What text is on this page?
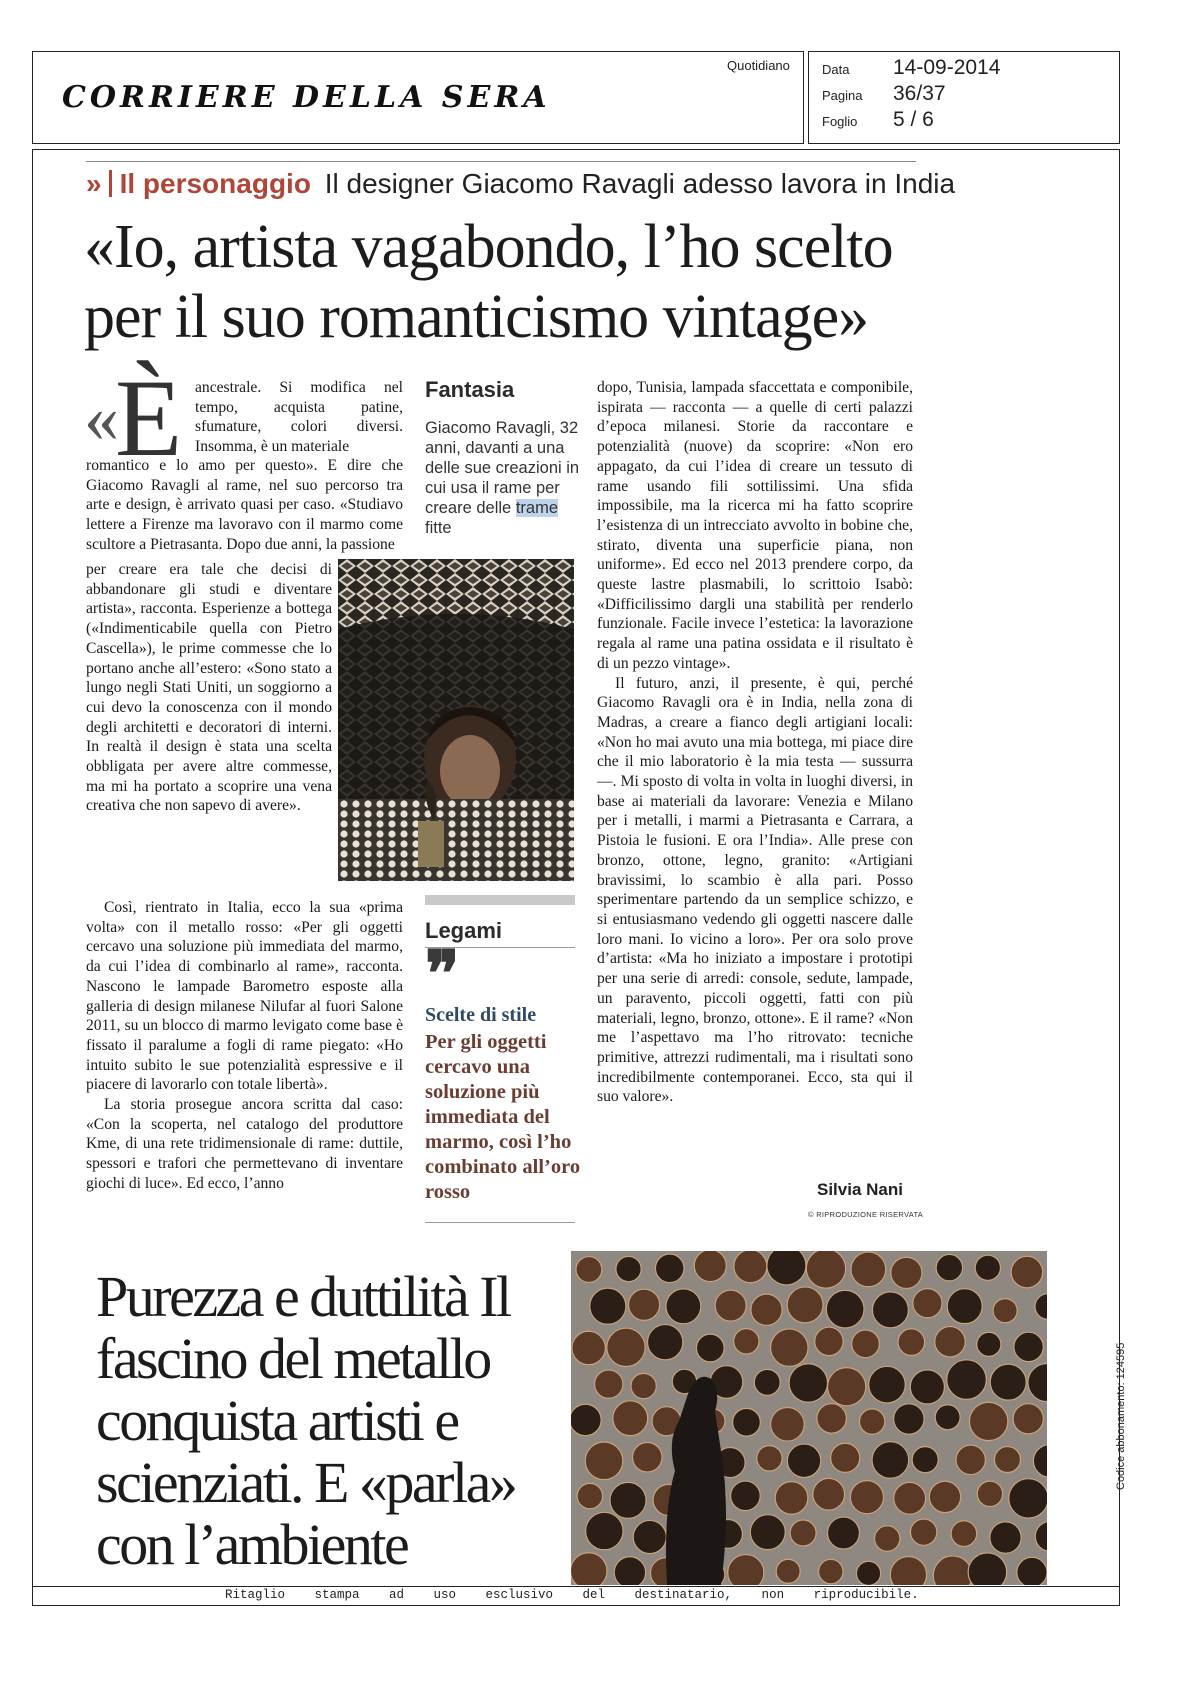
CORRIERE DELLA SERA
Quotidiano Data 14-09-2014
Pagina 36/37
Foglio 5 / 6
» Il personaggio Il designer Giacomo Ravagli adesso lavora in India
«Io, artista vagabondo, l’ho scelto per il suo romanticismo vintage»
«È ancestrale. Si modifica nel tempo, acquista patine, sfumature, colori diversi. Insomma, è un materiale

romantico e lo amo per questo». E dire che Giacomo Ravagli al rame, nel suo percorso tra arte e design, è arrivato quasi per caso. «Studiavo lettere a Firenze ma lavoravo con il marmo come scultore a Pietrasanta. Dopo due anni, la passione

per creare era tale che decisi di abbandonare gli studi e diventare artista», racconta. Esperienze a bottega («Indimenticabile quella con Pietro Cascella»), le prime commesse che lo portano anche all’estero: «Sono stato a lungo negli Stati Uniti, un soggiorno a cui devo la conoscenza con il mondo degli architetti e decoratori di interni. In realtà il design è stata una scelta obbligata per avere altre commesse, ma mi ha portato a scoprire una vena creativa che non sapevo di avere».

Così, rientrato in Italia, ecco la sua «prima volta» con il metallo rosso: «Per gli oggetti cercavo una soluzione più immediata del marmo, da cui l’idea di combinarlo al rame», racconta. Nascono le lampade Barometro esposte alla galleria di design milanese Nilufar al fuori Salone 2011, su un blocco di marmo levigato come base è fissato il paralume a fogli di rame piegato: «Ho intuito subito le sue potenzialità espressive e il piacere di lavorarlo con totale libertà».

La storia prosegue ancora scritta dal caso: «Con la scoperta, nel catalogo del produttore Kme, di una rete tridimensionale di rame: duttile, spessori e trafori che permettevano di inventare giochi di luce». Ed ecco, l’anno

Fantasia
Giacomo Ravagli, 32 anni, davanti a una delle sue creazioni in cui usa il rame per creare delle trame fitte
Legami
❞
Scelte di stile
Per gli oggetti cercavo una soluzione più immediata del marmo, così l’ho combinato all’oro rosso

dopo, Tunisia, lampada sfaccettata e componibile, ispirata — racconta — a quelle di certi palazzi d’epoca milanesi. Storie da raccontare e potenzialità (nuove) da scoprire: «Non ero appagato, da cui l’idea di creare un tessuto di rame usando fili sottilissimi. Una sfida impossibile, ma la ricerca mi ha fatto scoprire l’esistenza di un intrecciato avvolto in bobine che, stirato, diventa una superficie piana, non uniforme». Ed ecco nel 2013 prendere corpo, da queste lastre plasmabili, lo scrittoio Isabò: «Difficilissimo dargli una stabilità per renderlo funzionale. Facile invece l’estetica: la lavorazione regala al rame una patina ossidata e il risultato è di un pezzo vintage».

Il futuro, anzi, il presente, è qui, perché Giacomo Ravagli ora è in India, nella zona di Madras, a creare a fianco degli artigiani locali: «Non ho mai avuto una mia bottega, mi piace dire che il mio laboratorio è la mia testa — sussurra —. Mi sposto di volta in volta in luoghi diversi, in base ai materiali da lavorare: Venezia e Milano per i metalli, i marmi a Pietrasanta e Carrara, a Pistoia le fusioni. E ora l’India». Alle prese con bronzo, ottone, legno, granito: «Artigiani bravissimi, lo scambio è alla pari. Posso sperimentare partendo da un semplice schizzo, e si entusiasmano vedendo gli oggetti nascere dalle loro mani. Io vicino a loro». Per ora solo prove d’artista: «Ma ho iniziato a impostare i prototipi per una serie di arredi: console, sedute, lampade, un paravento, piccoli oggetti, fatti con più materiali, legno, bronzo, ottone». E il rame? «Non me l’aspettavo ma l’ho ritrovato: tecniche primitive, attrezzi rudimentali, ma i risultati sono incredibilmente contemporanei. Ecco, sta qui il suo valore».

Silvia Nani
© RIPRODUZIONE RISERVATA
Purezza e duttilità Il fascino del metallo conquista artisti e scienziati. E «parla» con l’ambiente
Ritaglio stampa ad uso esclusivo del destinatario, non riproducibile.
Codice abbonamento: 124595
